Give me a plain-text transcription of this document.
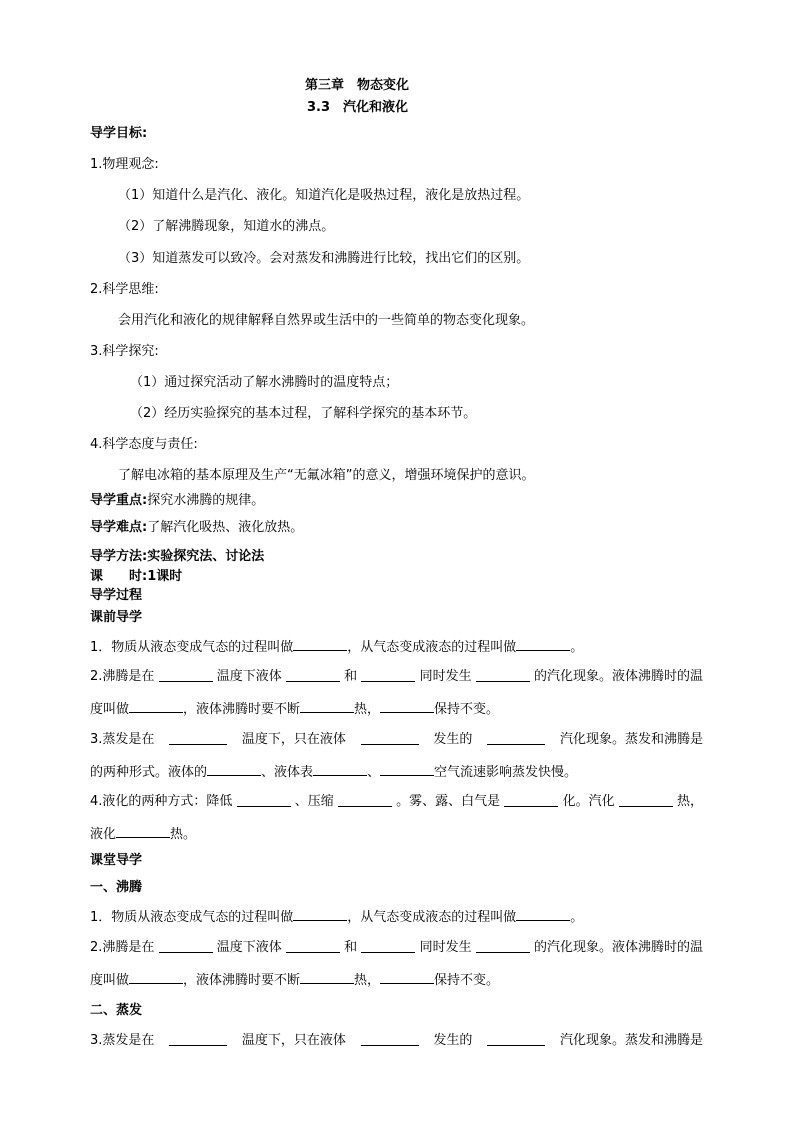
第三章　物态变化
3.3　汽化和液化
导学目标:
1.物理观念:
（1）知道什么是汽化、液化。知道汽化是吸热过程，液化是放热过程。
（2）了解沸腾现象，知道水的沸点。
（3）知道蒸发可以致冷。会对蒸发和沸腾进行比较，找出它们的区别。
2.科学思维:
会用汽化和液化的规律解释自然界或生活中的一些简单的物态变化现象。
3.科学探究:
（1）通过探究活动了解水沸腾时的温度特点；
（2）经历实验探究的基本过程，了解科学探究的基本环节。
4.科学态度与责任:
了解电冰箱的基本原理及生产“无氟冰箱”的意义，增强环境保护的意识。
导学重点:探究水沸腾的规律。
导学难点:了解汽化吸热、液化放热。
导学方法:实验探究法、讨论法
课　　时:1课时
导学过程
课前导学
1．物质从液态变成气态的过程叫做	，从气态变成液态的过程叫做	。
2.沸腾是在	温度下液体	和	同时发生	的汽化现象。液体沸腾时的温
度叫做	，液体沸腾时要不断	热，	保持不变。
3.蒸发是在	温度下，只在液体	发生的	汽化现象。蒸发和沸腾是
的两种形式。液体的	、液体表	、	空气流速影响蒸发快慢。
4.液化的两种方式：降低	、压缩	。雾、露、白气是	化。汽化	热，
液化	热。
课堂导学
一、沸腾
1．物质从液态变成气态的过程叫做	，从气态变成液态的过程叫做	。
2.沸腾是在	温度下液体	和	同时发生	的汽化现象。液体沸腾时的温
度叫做	，液体沸腾时要不断	热，	保持不变。
二、蒸发
3.蒸发是在	温度下，只在液体	发生的	汽化现象。蒸发和沸腾是
